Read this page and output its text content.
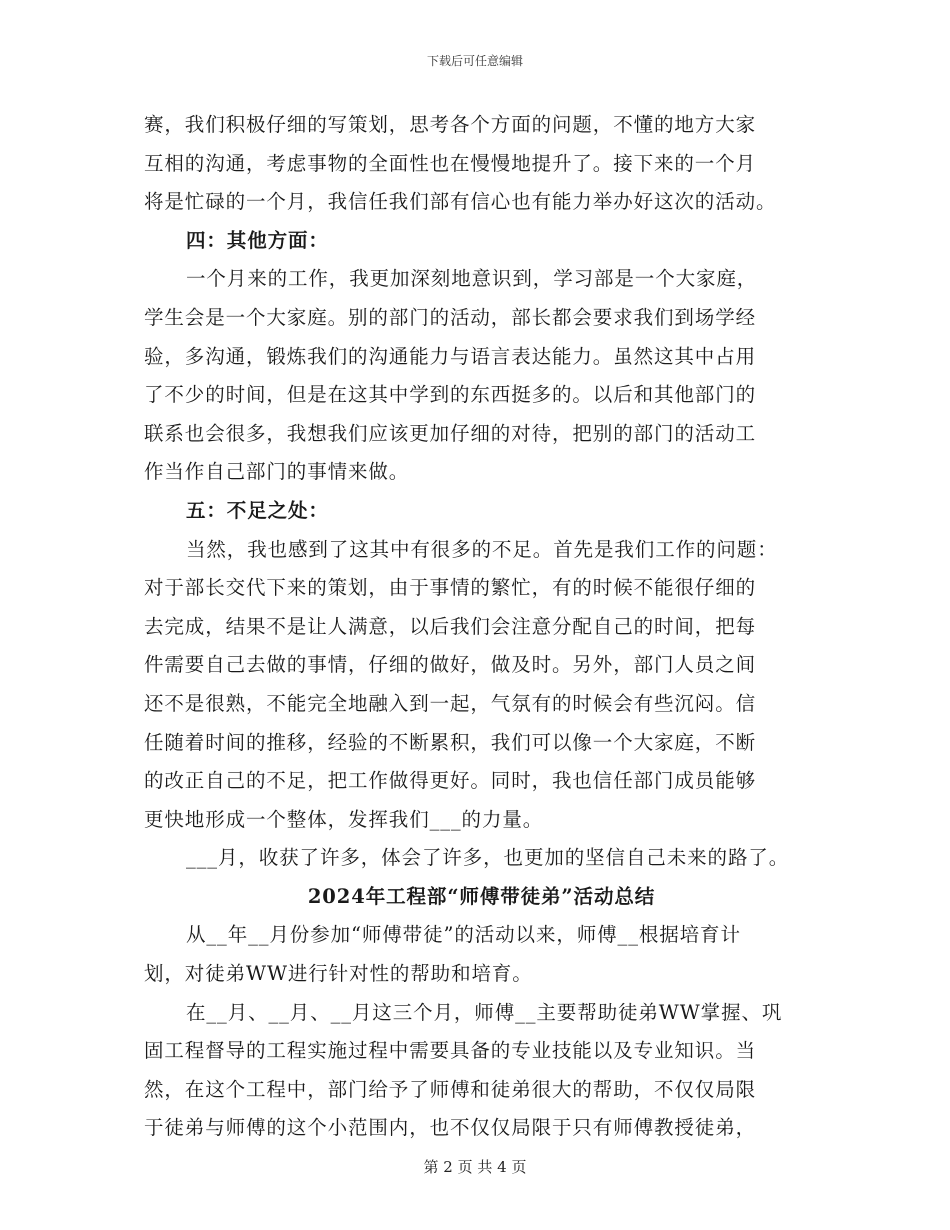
下载后可任意编辑
赛，我们积极仔细的写策划，思考各个方面的问题，不懂的地方大家
互相的沟通，考虑事物的全面性也在慢慢地提升了。接下来的一个月
将是忙碌的一个月，我信任我们部有信心也有能力举办好这次的活动。
四：其他方面：
一个月来的工作，我更加深刻地意识到，学习部是一个大家庭，
学生会是一个大家庭。别的部门的活动，部长都会要求我们到场学经
验，多沟通，锻炼我们的沟通能力与语言表达能力。虽然这其中占用
了不少的时间，但是在这其中学到的东西挺多的。以后和其他部门的
联系也会很多，我想我们应该更加仔细的对待，把别的部门的活动工
作当作自己部门的事情来做。
五：不足之处：
当然，我也感到了这其中有很多的不足。首先是我们工作的问题：
对于部长交代下来的策划，由于事情的繁忙，有的时候不能很仔细的
去完成，结果不是让人满意，以后我们会注意分配自己的时间，把每
件需要自己去做的事情，仔细的做好，做及时。另外，部门人员之间
还不是很熟，不能完全地融入到一起，气氛有的时候会有些沉闷。信
任随着时间的推移，经验的不断累积，我们可以像一个大家庭，不断
的改正自己的不足，把工作做得更好。同时，我也信任部门成员能够
更快地形成一个整体，发挥我们___的力量。
___月，收获了许多，体会了许多，也更加的坚信自己未来的路了。
2024年工程部“师傅带徒弟”活动总结
从__年__月份参加“师傅带徒”的活动以来，师傅__根据培育计
划，对徒弟WW进行针对性的帮助和培育。
在__月、__月、__月这三个月，师傅__主要帮助徒弟WW掌握、巩
固工程督导的工程实施过程中需要具备的专业技能以及专业知识。当
然，在这个工程中，部门给予了师傅和徒弟很大的帮助，不仅仅局限
于徒弟与师傅的这个小范围内，也不仅仅局限于只有师傅教授徒弟，
第 2 页 共 4 页
